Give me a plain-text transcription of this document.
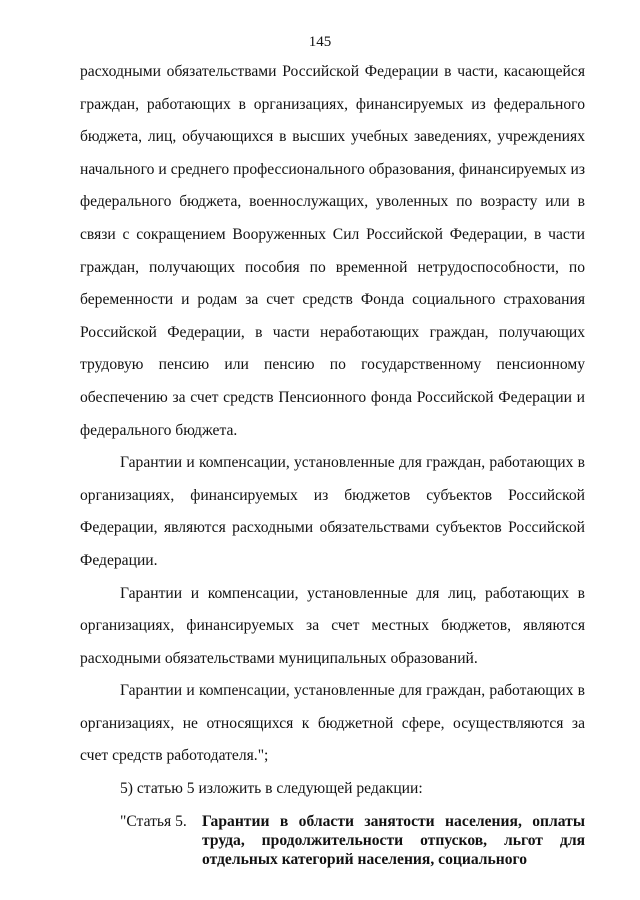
145

расходными обязательствами Российской Федерации в части, касающейся граждан, работающих в организациях, финансируемых из федерального бюджета, лиц, обучающихся в высших учебных заведениях, учреждениях начального и среднего профессионального образования, финансируемых из федерального бюджета, военнослужащих, уволенных по возрасту или в связи с сокращением Вооруженных Сил Российской Федерации, в части граждан, получающих пособия по временной нетрудоспособности, по беременности и родам за счет средств Фонда социального страхования Российской Федерации, в части неработающих граждан, получающих трудовую пенсию или пенсию по государственному пенсионному обеспечению за счет средств Пенсионного фонда Российской Федерации и федерального бюджета.

Гарантии и компенсации, установленные для граждан, работающих в организациях, финансируемых из бюджетов субъектов Российской Федерации, являются расходными обязательствами субъектов Российской Федерации.

Гарантии и компенсации, установленные для лиц, работающих в организациях, финансируемых за счет местных бюджетов, являются расходными обязательствами муниципальных образований.

Гарантии и компенсации, установленные для граждан, работающих в организациях, не относящихся к бюджетной сфере, осуществляются за счет средств работодателя.";

5) статью 5 изложить в следующей редакции:

"Статья 5. Гарантии в области занятости населения, оплаты труда, продолжительности отпусков, льгот для отдельных категорий населения, социального
